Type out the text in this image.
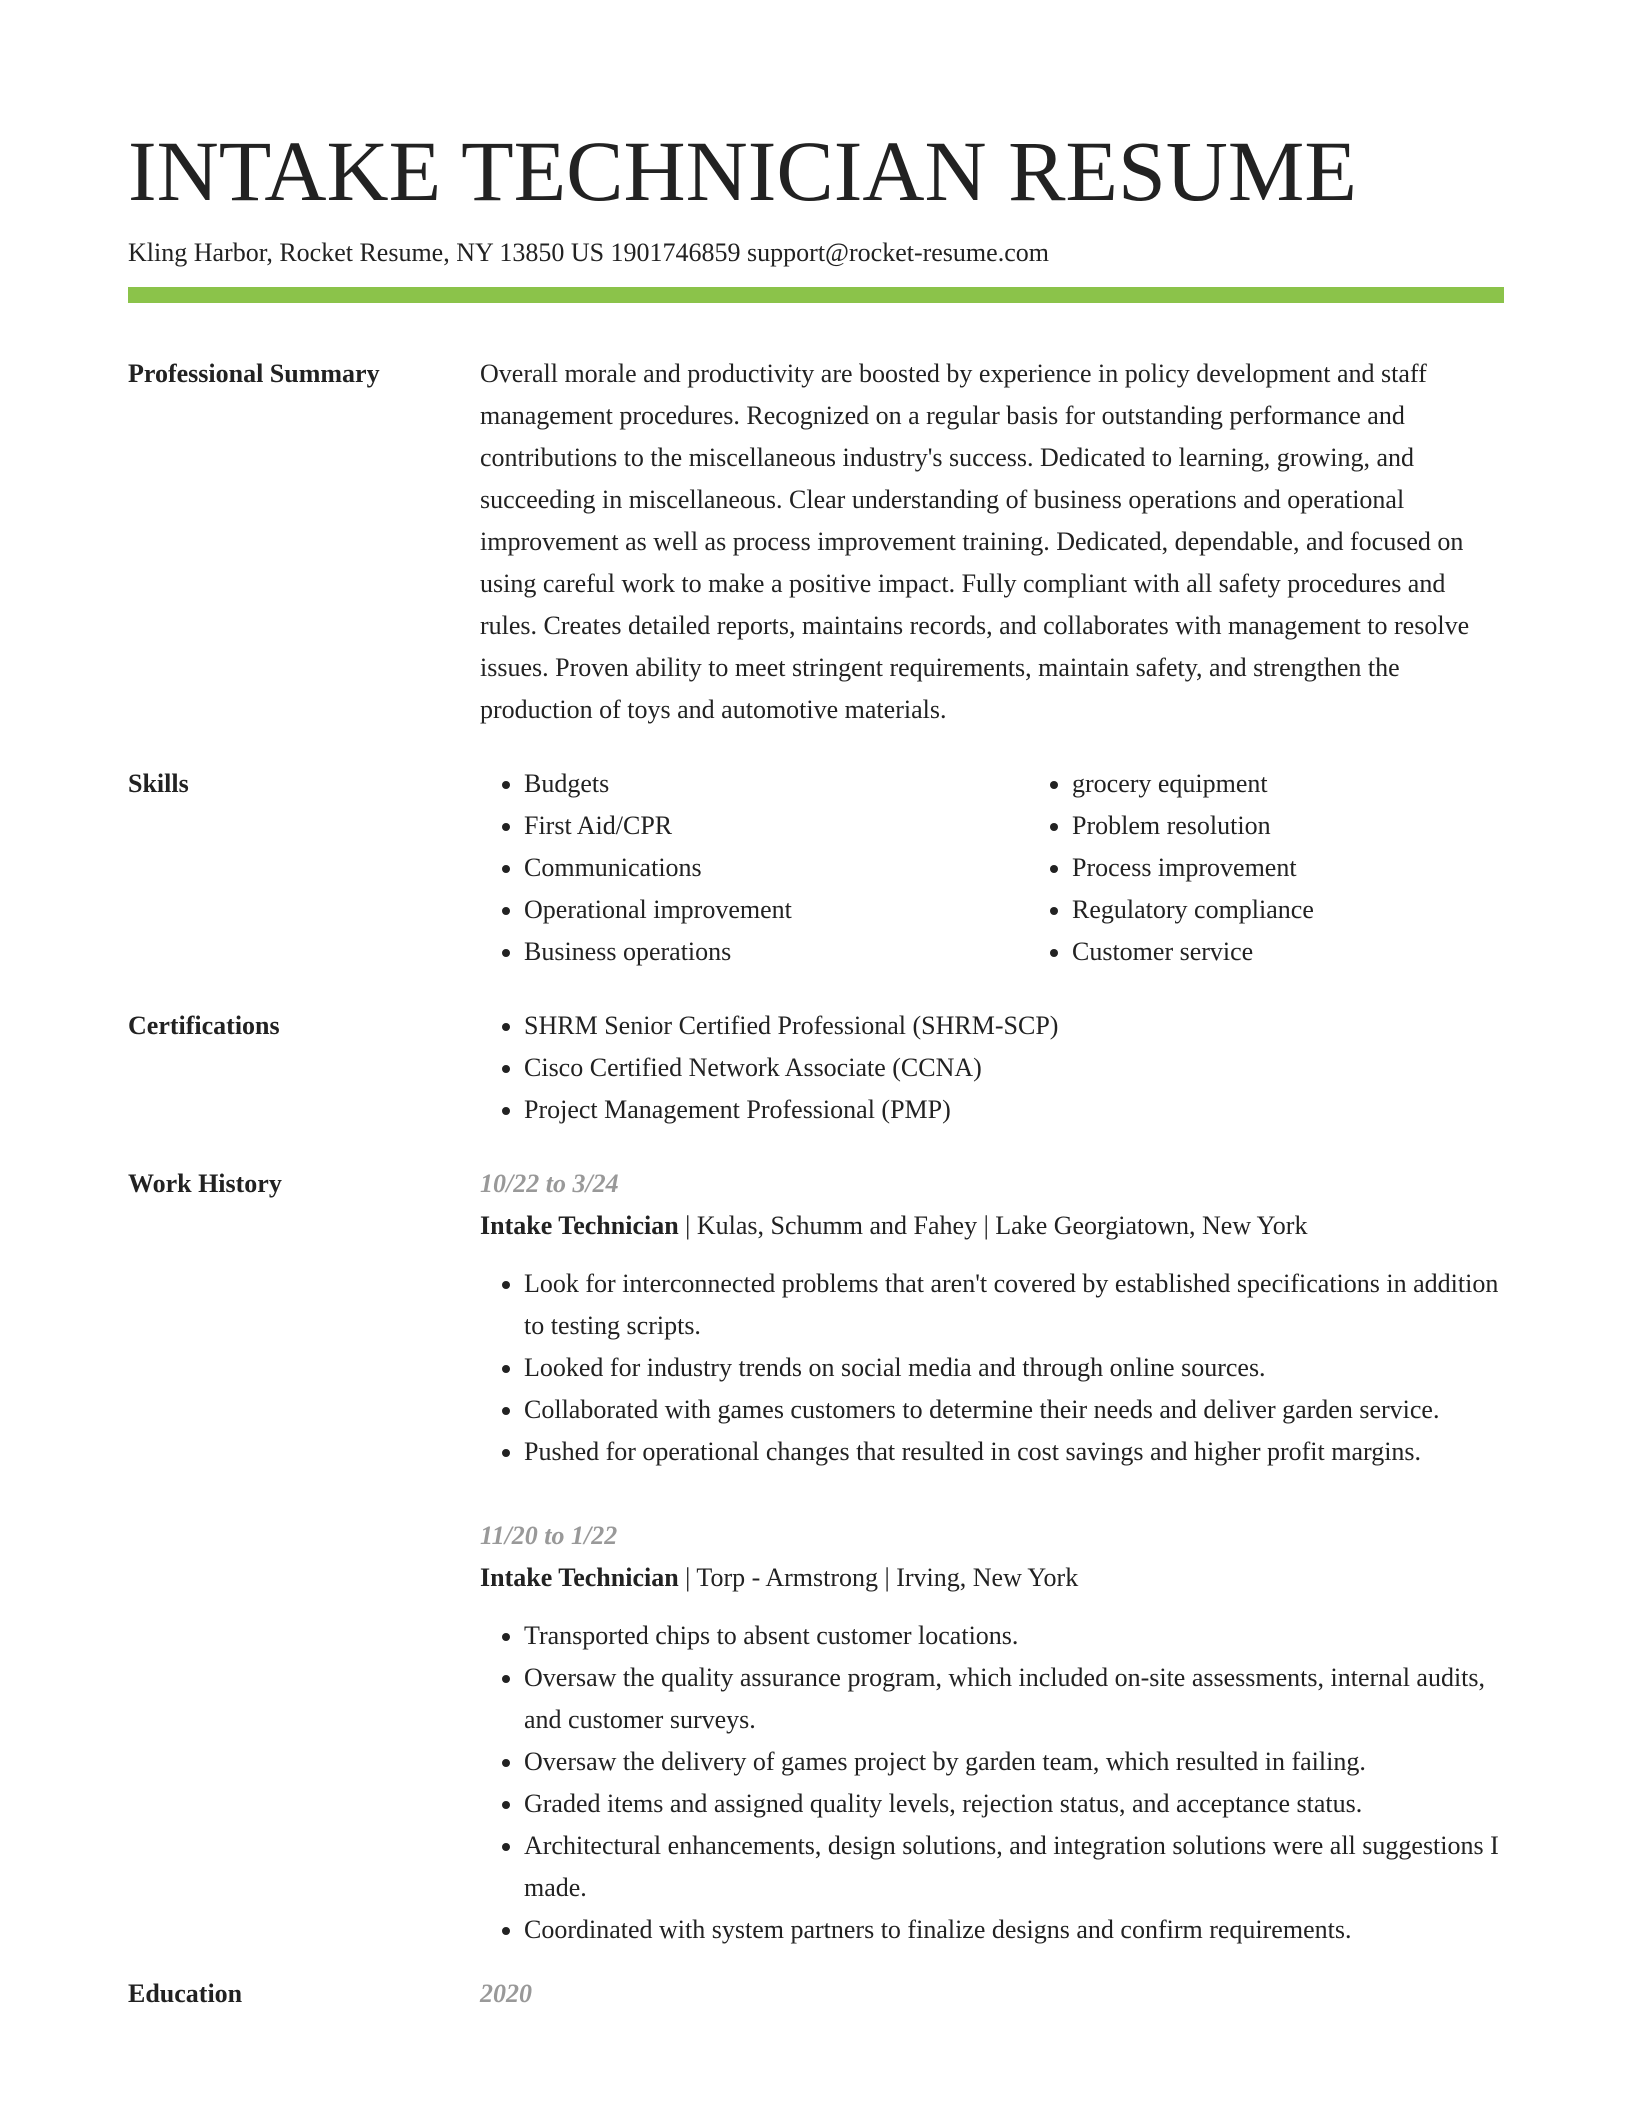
INTAKE TECHNICIAN RESUME
Kling Harbor, Rocket Resume, NY 13850 US 1901746859 support@rocket-resume.com
Professional Summary	Overall morale and productivity are boosted by experience in policy development and staff management procedures. Recognized on a regular basis for outstanding performance and contributions to the miscellaneous industry's success. Dedicated to learning, growing, and succeeding in miscellaneous. Clear understanding of business operations and operational improvement as well as process improvement training. Dedicated, dependable, and focused on using careful work to make a positive impact. Fully compliant with all safety procedures and rules. Creates detailed reports, maintains records, and collaborates with management to resolve issues. Proven ability to meet stringent requirements, maintain safety, and strengthen the production of toys and automotive materials.
Skills	• Budgets
• First Aid/CPR
• Communications
• Operational improvement
• Business operations
• grocery equipment
• Problem resolution
• Process improvement
• Regulatory compliance
• Customer service
Certifications	• SHRM Senior Certified Professional (SHRM-SCP)
• Cisco Certified Network Associate (CCNA)
• Project Management Professional (PMP)
Work History	10/22 to 3/24
Intake Technician | Kulas, Schumm and Fahey | Lake Georgiatown, New York
• Look for interconnected problems that aren't covered by established specifications in addition to testing scripts.
• Looked for industry trends on social media and through online sources.
• Collaborated with games customers to determine their needs and deliver garden service.
• Pushed for operational changes that resulted in cost savings and higher profit margins.
11/20 to 1/22
Intake Technician | Torp - Armstrong | Irving, New York
• Transported chips to absent customer locations.
• Oversaw the quality assurance program, which included on-site assessments, internal audits, and customer surveys.
• Oversaw the delivery of games project by garden team, which resulted in failing.
• Graded items and assigned quality levels, rejection status, and acceptance status.
• Architectural enhancements, design solutions, and integration solutions were all suggestions I made.
• Coordinated with system partners to finalize designs and confirm requirements.
Education	2020
